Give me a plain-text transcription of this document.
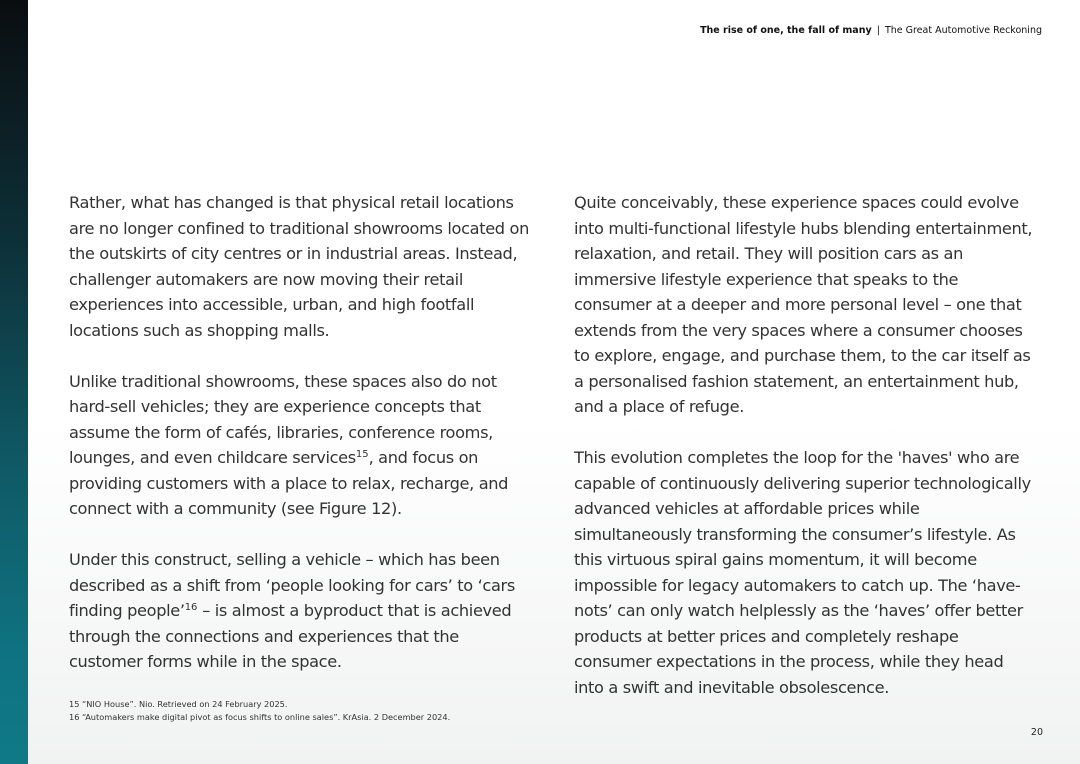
The rise of one, the fall of many | The Great Automotive Reckoning

Rather, what has changed is that physical retail locations are no longer confined to traditional showrooms located on the outskirts of city centres or in industrial areas. Instead, challenger automakers are now moving their retail experiences into accessible, urban, and high footfall locations such as shopping malls.

Unlike traditional showrooms, these spaces also do not hard-sell vehicles; they are experience concepts that assume the form of cafés, libraries, conference rooms, lounges, and even childcare services$^{15}$, and focus on providing customers with a place to relax, recharge, and connect with a community (see Figure 12).

Under this construct, selling a vehicle – which has been described as a shift from ‘people looking for cars’ to ‘cars finding people’$^{16}$ – is almost a byproduct that is achieved through the connections and experiences that the customer forms while in the space.

Quite conceivably, these experience spaces could evolve into multi-functional lifestyle hubs blending entertainment, relaxation, and retail. They will position cars as an immersive lifestyle experience that speaks to the consumer at a deeper and more personal level – one that extends from the very spaces where a consumer chooses to explore, engage, and purchase them, to the car itself as a personalised fashion statement, an entertainment hub, and a place of refuge.

This evolution completes the loop for the 'haves' who are capable of continuously delivering superior technologically advanced vehicles at affordable prices while simultaneously transforming the consumer’s lifestyle. As this virtuous spiral gains momentum, it will become impossible for legacy automakers to catch up. The ‘have-nots’ can only watch helplessly as the ‘haves’ offer better products at better prices and completely reshape consumer expectations in the process, while they head into a swift and inevitable obsolescence.

15 “NIO House”. Nio. Retrieved on 24 February 2025.
16 “Automakers make digital pivot as focus shifts to online sales”. KrAsia. 2 December 2024.
20
